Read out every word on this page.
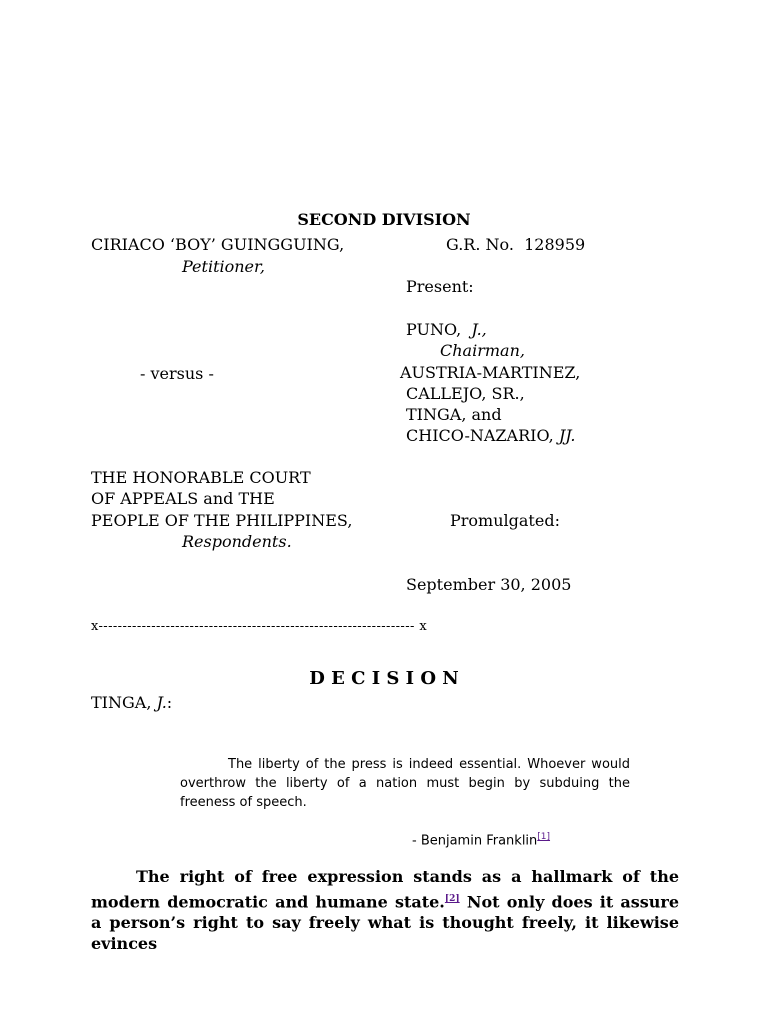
SECOND DIVISION
CIRIACO ‘BOY’ GUINGGUING,	G.R. No. 128959
Petitioner,
Present:
PUNO, J.,
Chairman,
- versus -	AUSTRIA-MARTINEZ,
CALLEJO, SR.,
TINGA, and
CHICO-NAZARIO, JJ.
THE HONORABLE COURT
OF APPEALS and THE
PEOPLE OF THE PHILIPPINES,	Promulgated:
Respondents.
September 30, 2005
x------------------------------------------------------------------ x
D E C I S I O N
TINGA, J.:
The liberty of the press is indeed essential. Whoever would overthrow the liberty of a nation must begin by subduing the freeness of speech.
- Benjamin Franklin[1]
The right of free expression stands as a hallmark of the modern democratic and humane state.[2] Not only does it assure a person’s right to say freely what is thought freely, it likewise evinces
